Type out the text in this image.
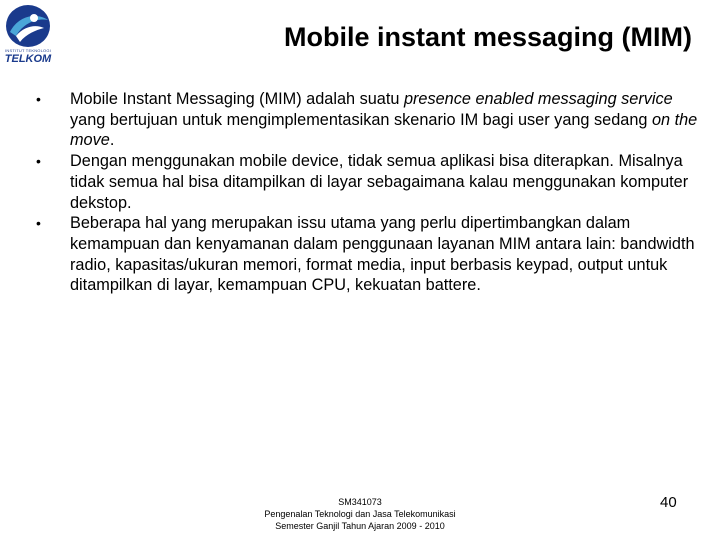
INSTITUT TEKNOLOGI
TELKOM
Mobile instant messaging (MIM)
• Mobile Instant Messaging (MIM) adalah suatu presence enabled messaging service yang bertujuan untuk mengimplementasikan skenario IM bagi user yang sedang on the move.
• Dengan menggunakan mobile device, tidak semua aplikasi bisa diterapkan. Misalnya tidak semua hal bisa ditampilkan di layar sebagaimana kalau menggunakan komputer dekstop.
• Beberapa hal yang merupakan issu utama yang perlu dipertimbangkan dalam kemampuan dan kenyamanan dalam penggunaan layanan MIM antara lain: bandwidth radio, kapasitas/ukuran memori, format media, input berbasis keypad, output untuk ditampilkan di layar, kemampuan CPU, kekuatan battere.
SM341073
Pengenalan Teknologi dan Jasa Telekomunikasi
Semester Ganjil Tahun Ajaran 2009 - 2010
40
